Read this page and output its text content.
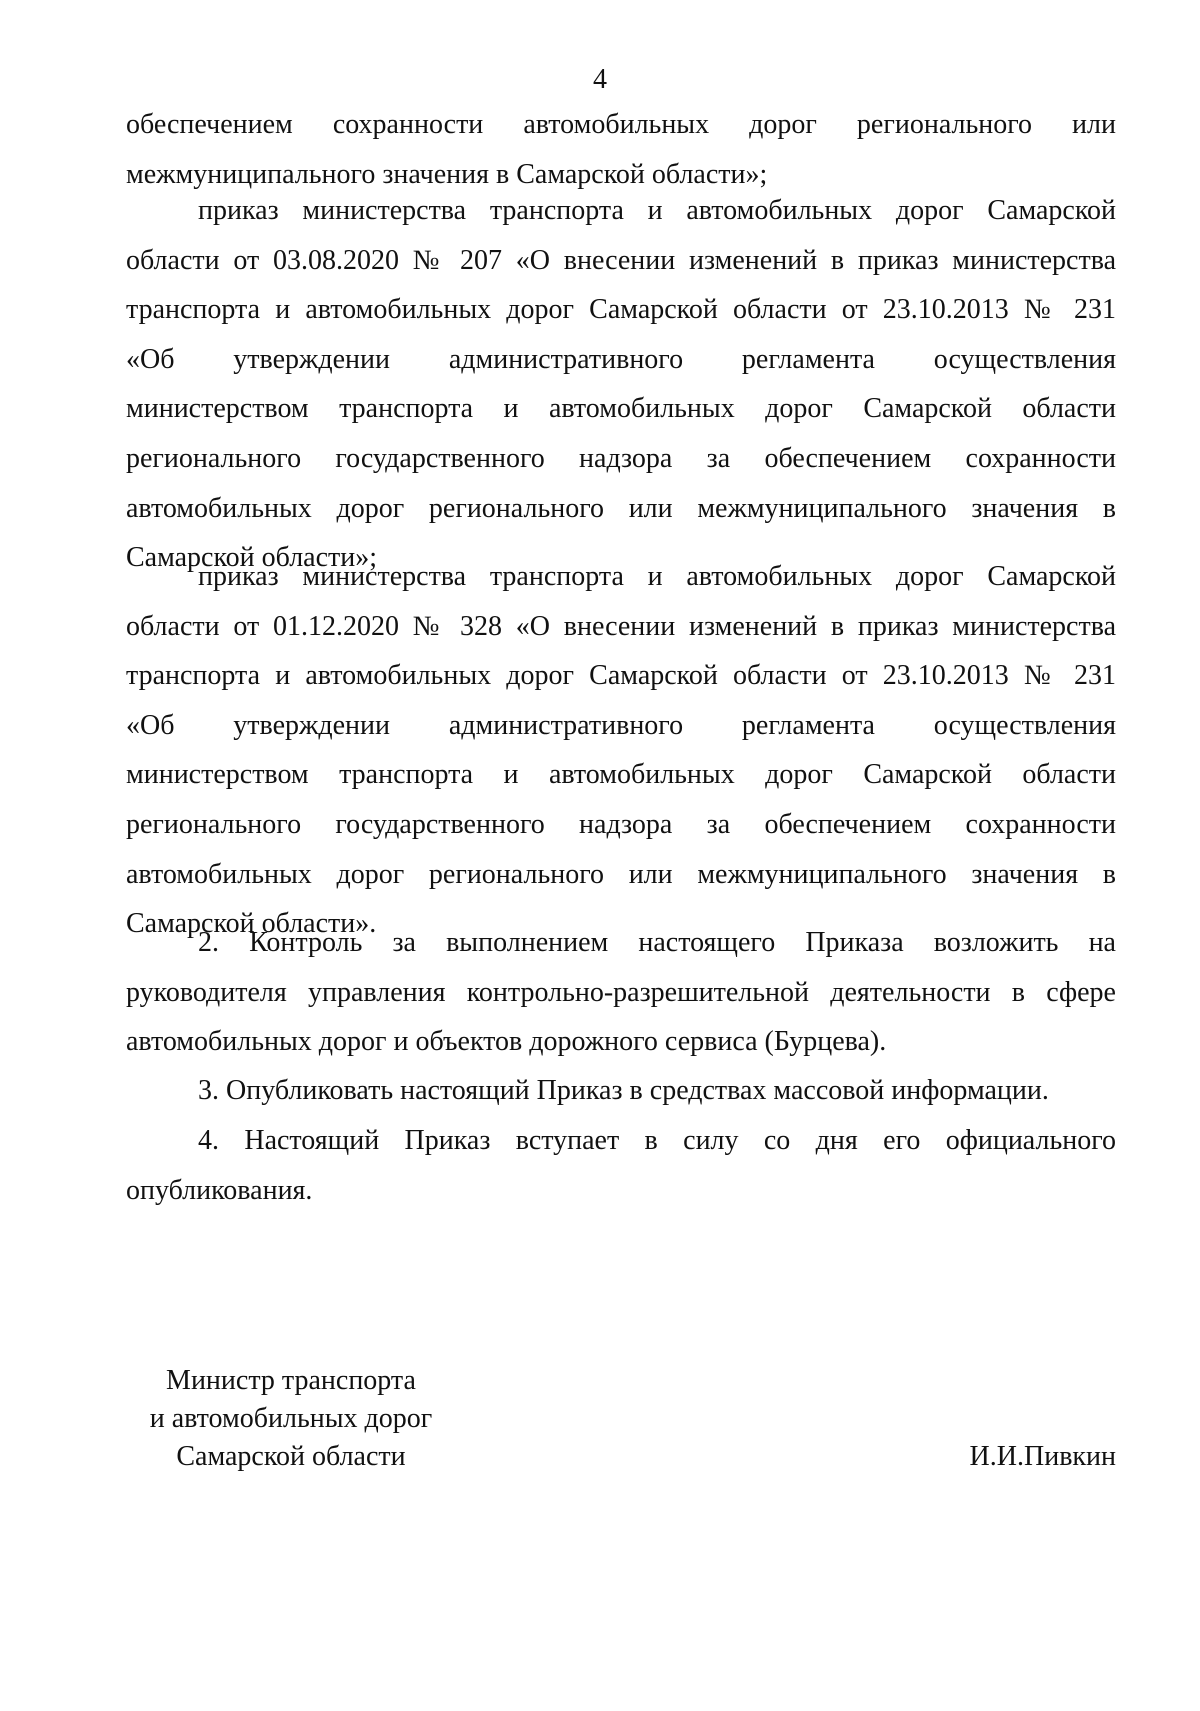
4

обеспечением сохранности автомобильных дорог регионального или

межмуниципального значения в Самарской области»;

приказ министерства транспорта и автомобильных дорог Самарской

области от 03.08.2020 № 207 «О внесении изменений в приказ министерства

транспорта и автомобильных дорог Самарской области от 23.10.2013 № 231

«Об утверждении административного регламента осуществления

министерством транспорта и автомобильных дорог Самарской области

регионального государственного надзора за обеспечением сохранности

автомобильных дорог регионального или межмуниципального значения в

Самарской области»;

приказ министерства транспорта и автомобильных дорог Самарской

области от 01.12.2020 № 328 «О внесении изменений в приказ министерства

транспорта и автомобильных дорог Самарской области от 23.10.2013 № 231

«Об утверждении административного регламента осуществления

министерством транспорта и автомобильных дорог Самарской области

регионального государственного надзора за обеспечением сохранности

автомобильных дорог регионального или межмуниципального значения в

Самарской области».

2. Контроль за выполнением настоящего Приказа возложить на

руководителя управления контрольно-разрешительной деятельности в сфере

автомобильных дорог и объектов дорожного сервиса (Бурцева).

3. Опубликовать настоящий Приказ в средствах массовой информации.

4. Настоящий Приказ вступает в силу со дня его официального

опубликования.

Министр транспорта
и автомобильных дорог
Самарской области	И.И.Пивкин
